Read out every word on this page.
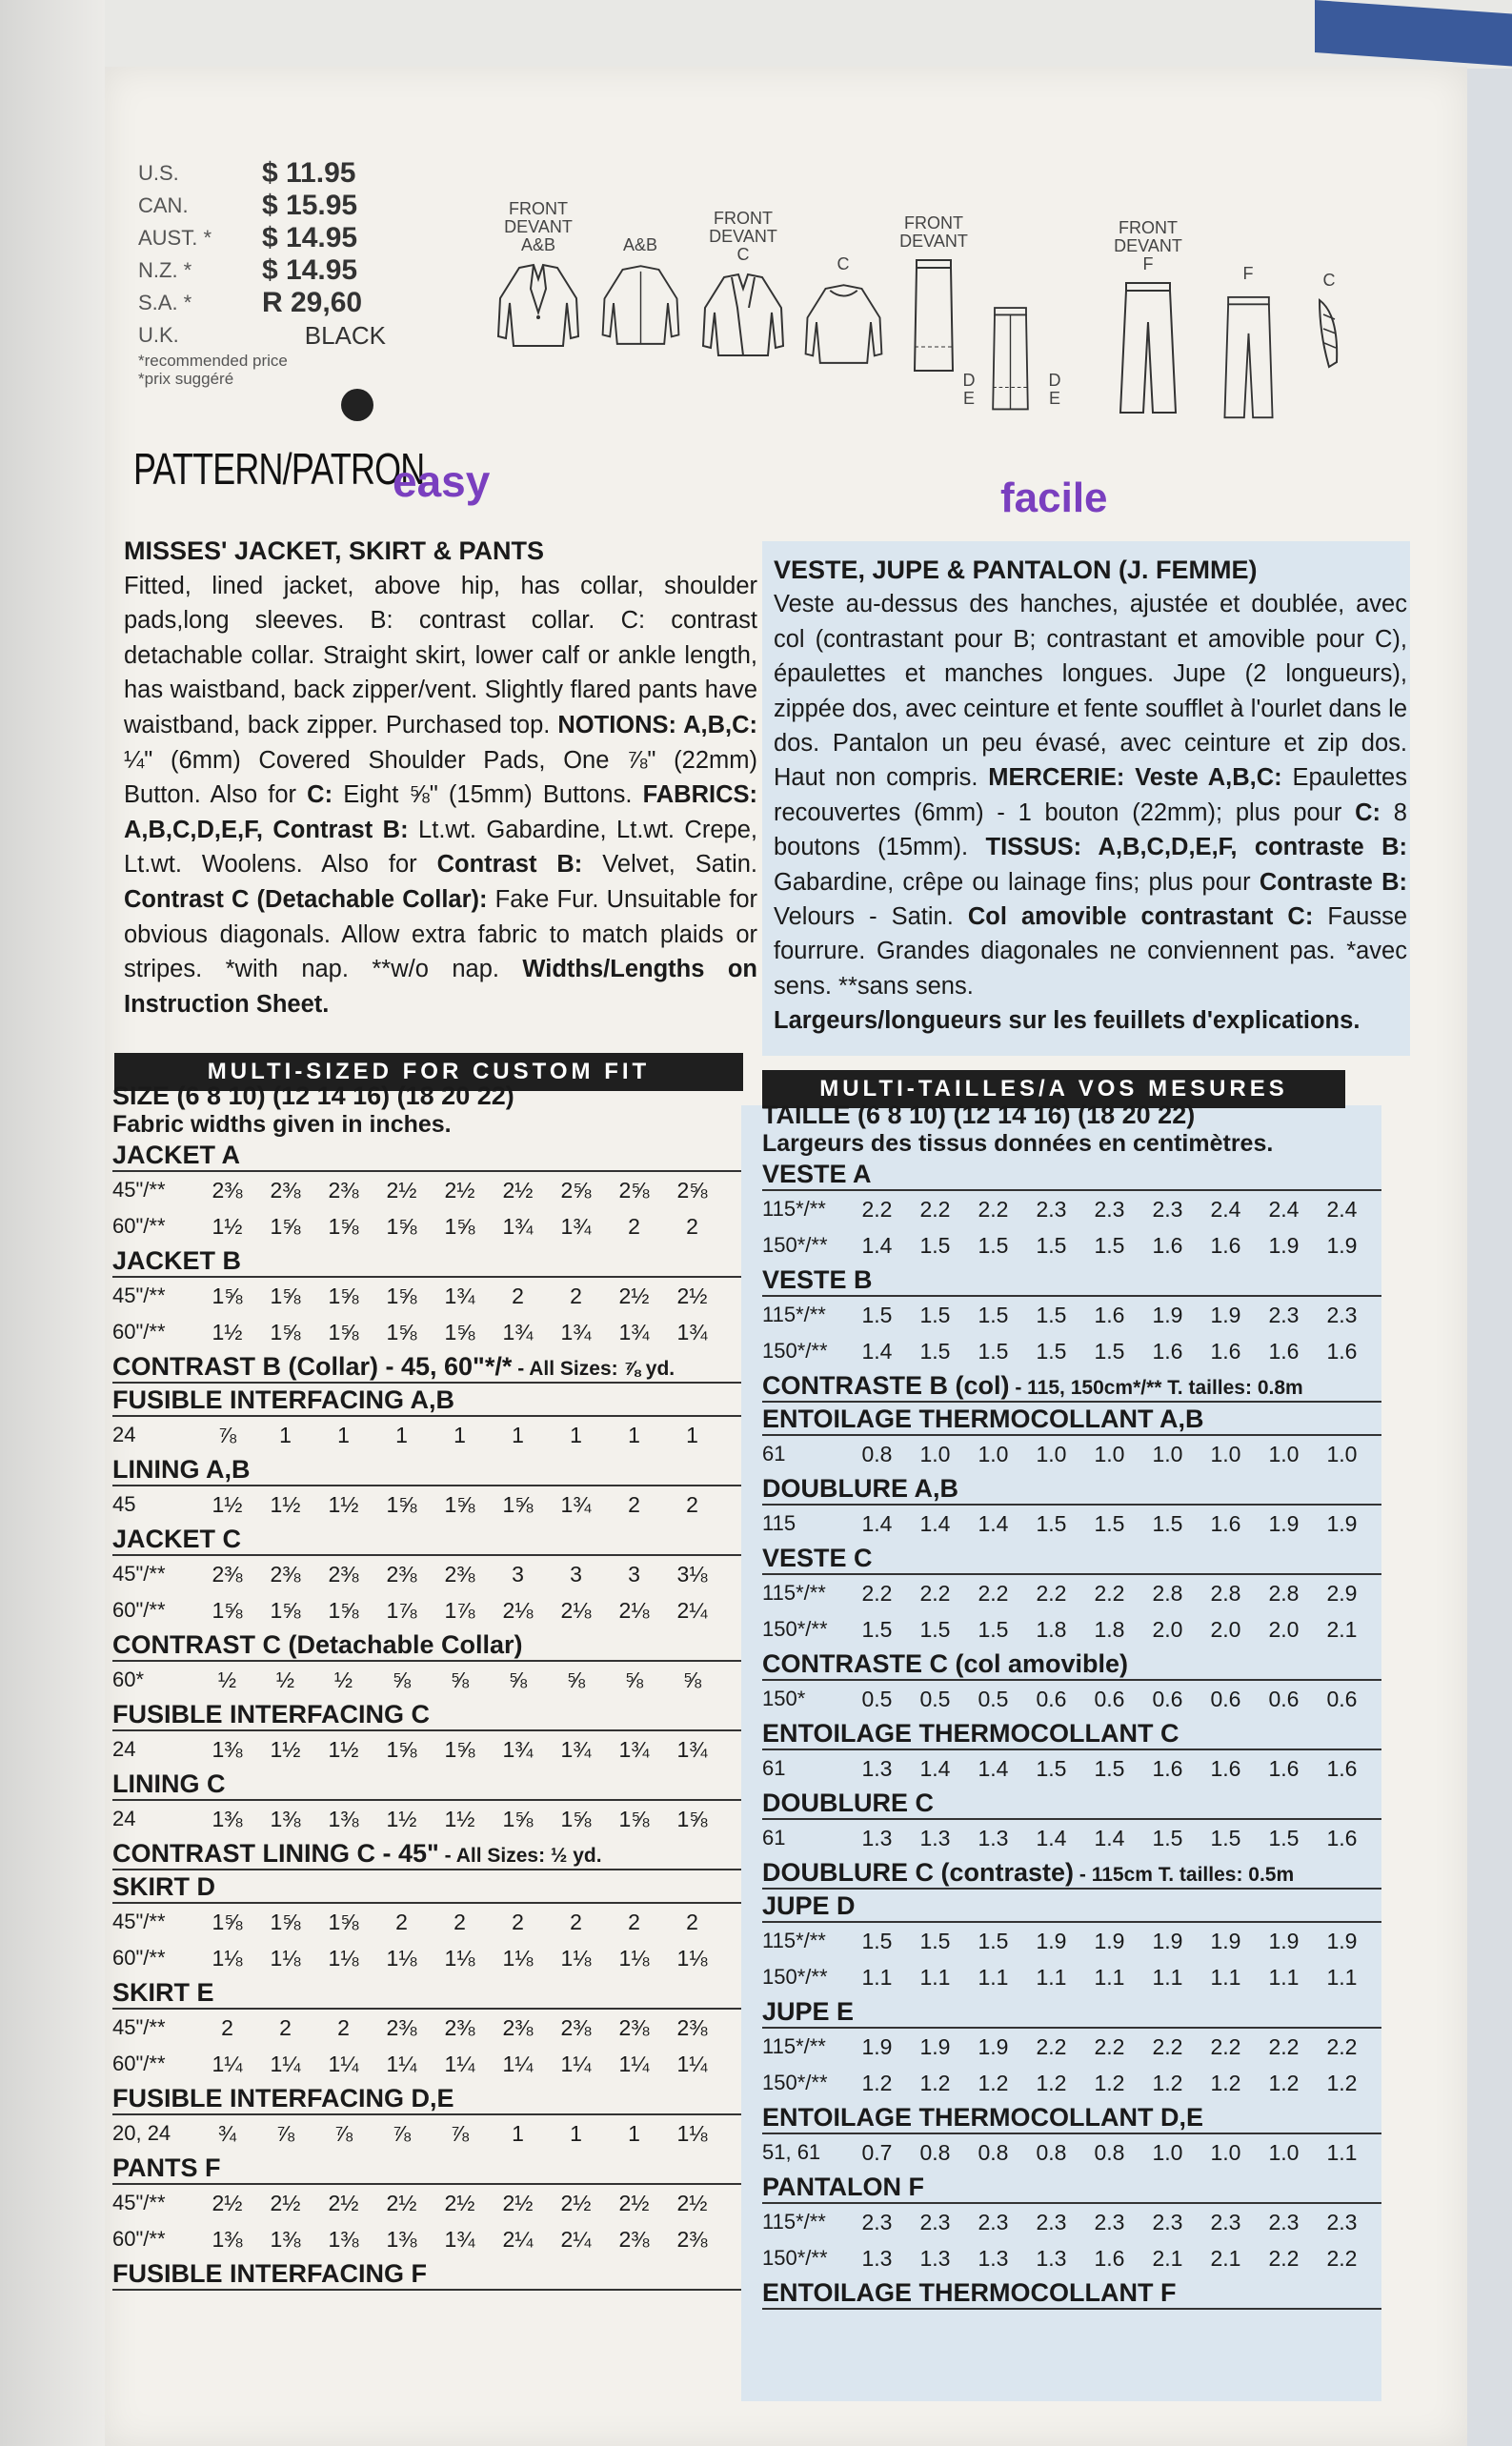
U.S.	$ 11.95
CAN.	$ 15.95
AUST. *	$ 14.95
N.Z. *	$ 14.95
S.A. *	R 29,60
U.K.	BLACK
*recommended price
*prix suggéré
FRONT
DEVANT
A&B	A&B
FRONT
DEVANT
C	C
FRONT
DEVANT
D
E
D
E
FRONT
DEVANT
F	F	C
PATTERN/PATRON
easy	facile
MISSES' JACKET, SKIRT & PANTS
Fitted, lined jacket, above hip, has collar, shoulder pads,long sleeves. B: contrast collar. C: contrast detachable collar. Straight skirt, lower calf or ankle length, has waistband, back zipper/vent. Slightly flared pants have waistband, back zipper. Purchased top. NOTIONS: A,B,C: ¼" (6mm) Covered Shoulder Pads, One ⅞" (22mm) Button. Also for C: Eight ⅝" (15mm) Buttons. FABRICS: A,B,C,D,E,F, Contrast B: Lt.wt. Gabardine, Lt.wt. Crepe, Lt.wt. Woolens. Also for Contrast B: Velvet, Satin. Contrast C (Detachable Collar): Fake Fur. Unsuitable for obvious diagonals. Allow extra fabric to match plaids or stripes. *with nap. **w/o nap. Widths/Lengths on Instruction Sheet.
VESTE, JUPE & PANTALON (J. FEMME)
Veste au-dessus des hanches, ajustée et doublée, avec col (contrastant pour B; contrastant et amovible pour C), épaulettes et manches longues. Jupe (2 longueurs), zippée dos, avec ceinture et fente soufflet à l'ourlet dans le dos. Pantalon un peu évasé, avec ceinture et zip dos. Haut non compris. MERCERIE: Veste A,B,C: Epaulettes recouvertes (6mm) - 1 bouton (22mm); plus pour C: 8 boutons (15mm). TISSUS: A,B,C,D,E,F, contraste B: Gabardine, crêpe ou lainage fins; plus pour Contraste B: Velours - Satin. Col amovible contrastant C: Fausse fourrure. Grandes diagonales ne conviennent pas. *avec sens. **sans sens.
Largeurs/longueurs sur les feuillets d'explications.
MULTI-SIZED FOR CUSTOM FIT
MULTI-TAILLES/A VOS MESURES
SIZE (6 8 10) (12 14 16) (18 20 22)
Fabric widths given in inches.
JACKET A
45"/**	2⅜	2⅜	2⅜	2½	2½	2½	2⅝	2⅝	2⅝
60"/**	1½	1⅝	1⅝	1⅝	1⅝	1¾	1¾	2	2
JACKET B
45"/**	1⅝	1⅝	1⅝	1⅝	1¾	2	2	2½	2½
60"/**	1½	1⅝	1⅝	1⅝	1⅝	1¾	1¾	1¾	1¾
CONTRAST B (Collar) - 45, 60"*/* - All Sizes: ⅞ yd.
FUSIBLE INTERFACING A,B
24	⅞	1	1	1	1	1	1	1	1
LINING A,B
45	1½	1½	1½	1⅝	1⅝	1⅝	1¾	2	2
JACKET C
45"/**	2⅜	2⅜	2⅜	2⅜	2⅜	3	3	3	3⅛
60"/**	1⅝	1⅝	1⅝	1⅞	1⅞	2⅛	2⅛	2⅛	2¼
CONTRAST C (Detachable Collar)
60*	½	½	½	⅝	⅝	⅝	⅝	⅝	⅝
FUSIBLE INTERFACING C
24	1⅜	1½	1½	1⅝	1⅝	1¾	1¾	1¾	1¾
LINING C
24	1⅜	1⅜	1⅜	1½	1½	1⅝	1⅝	1⅝	1⅝
CONTRAST LINING C - 45" - All Sizes: ½ yd.
SKIRT D
45"/**	1⅝	1⅝	1⅝	2	2	2	2	2	2
60"/**	1⅛	1⅛	1⅛	1⅛	1⅛	1⅛	1⅛	1⅛	1⅛
SKIRT E
45"/**	2	2	2	2⅜	2⅜	2⅜	2⅜	2⅜	2⅜
60"/**	1¼	1¼	1¼	1¼	1¼	1¼	1¼	1¼	1¼
FUSIBLE INTERFACING D,E
20, 24	¾	⅞	⅞	⅞	⅞	1	1	1	1⅛
PANTS F
45"/**	2½	2½	2½	2½	2½	2½	2½	2½	2½
60"/**	1⅜	1⅜	1⅜	1⅜	1¾	2¼	2¼	2⅜	2⅜
FUSIBLE INTERFACING F
TAILLE (6 8 10) (12 14 16) (18 20 22)
Largeurs des tissus données en centimètres.
VESTE A
115*/**	2.2	2.2	2.2	2.3	2.3	2.3	2.4	2.4	2.4
150*/**	1.4	1.5	1.5	1.5	1.5	1.6	1.6	1.9	1.9
VESTE B
115*/**	1.5	1.5	1.5	1.5	1.6	1.9	1.9	2.3	2.3
150*/**	1.4	1.5	1.5	1.5	1.5	1.6	1.6	1.6	1.6
CONTRASTE B (col) - 115, 150cm*/** T. tailles: 0.8m
ENTOILAGE THERMOCOLLANT A,B
61	0.8	1.0	1.0	1.0	1.0	1.0	1.0	1.0	1.0
DOUBLURE A,B
115	1.4	1.4	1.4	1.5	1.5	1.5	1.6	1.9	1.9
VESTE C
115*/**	2.2	2.2	2.2	2.2	2.2	2.8	2.8	2.8	2.9
150*/**	1.5	1.5	1.5	1.8	1.8	2.0	2.0	2.0	2.1
CONTRASTE C (col amovible)
150*	0.5	0.5	0.5	0.6	0.6	0.6	0.6	0.6	0.6
ENTOILAGE THERMOCOLLANT C
61	1.3	1.4	1.4	1.5	1.5	1.6	1.6	1.6	1.6
DOUBLURE C
61	1.3	1.3	1.3	1.4	1.4	1.5	1.5	1.5	1.6
DOUBLURE C (contraste) - 115cm T. tailles: 0.5m
JUPE D
115*/**	1.5	1.5	1.5	1.9	1.9	1.9	1.9	1.9	1.9
150*/**	1.1	1.1	1.1	1.1	1.1	1.1	1.1	1.1	1.1
JUPE E
115*/**	1.9	1.9	1.9	2.2	2.2	2.2	2.2	2.2	2.2
150*/**	1.2	1.2	1.2	1.2	1.2	1.2	1.2	1.2	1.2
ENTOILAGE THERMOCOLLANT D,E
51, 61	0.7	0.8	0.8	0.8	0.8	1.0	1.0	1.0	1.1
PANTALON F
115*/**	2.3	2.3	2.3	2.3	2.3	2.3	2.3	2.3	2.3
150*/**	1.3	1.3	1.3	1.3	1.6	2.1	2.1	2.2	2.2
ENTOILAGE THERMOCOLLANT F
